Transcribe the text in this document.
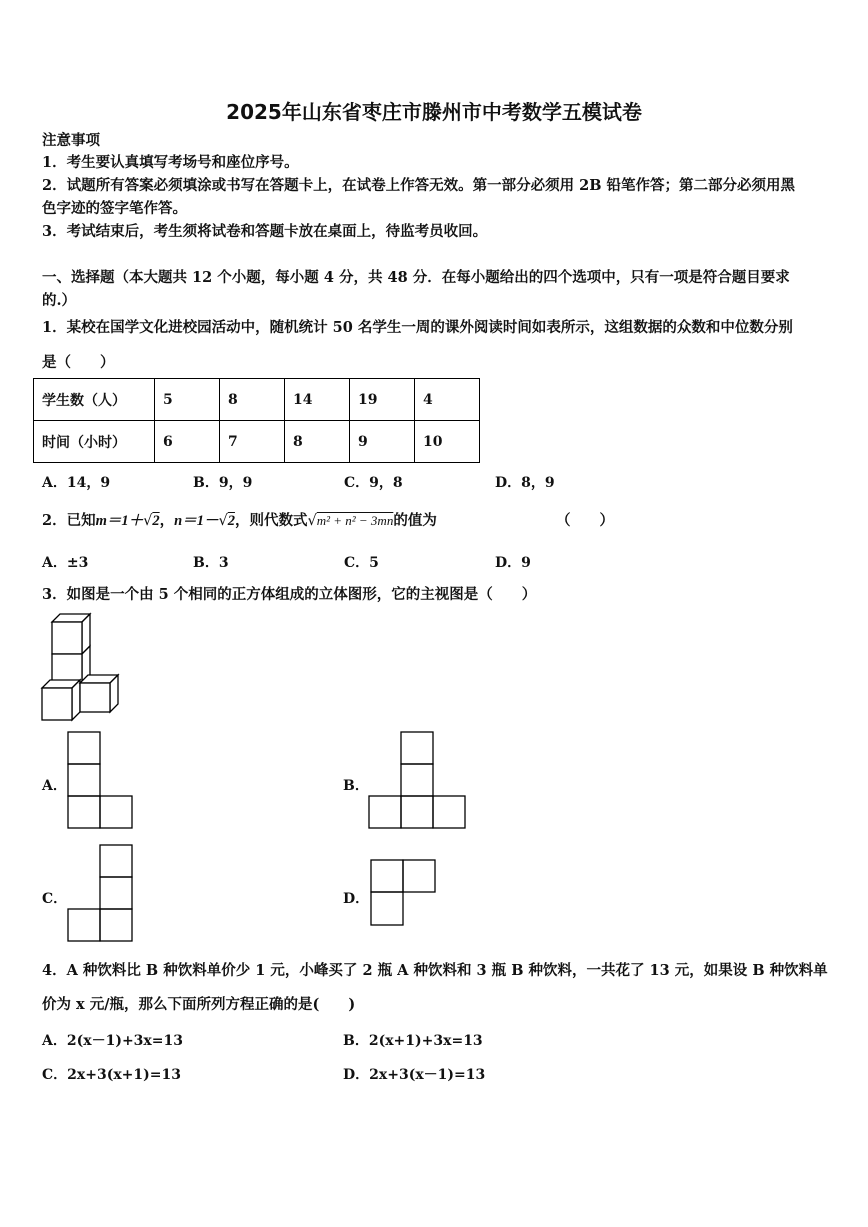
2025年山东省枣庄市滕州市中考数学五模试卷
注意事项
1．考生要认真填写考场号和座位序号。
2．试题所有答案必须填涂或书写在答题卡上，在试卷上作答无效。第一部分必须用 2B 铅笔作答；第二部分必须用黑
色字迹的签字笔作答。
3．考试结束后，考生须将试卷和答题卡放在桌面上，待监考员收回。
一、选择题（本大题共 12 个小题，每小题 4 分，共 48 分．在每小题给出的四个选项中，只有一项是符合题目要求
的.）
1．某校在国学文化进校园活动中，随机统计 50 名学生一周的课外阅读时间如表所示，这组数据的众数和中位数分别
是（　　）
学生数（人）	5	8	14	19	4
时间（小时）	6	7	8	9	10
A．14，9	B．9，9	C．9，8	D．8，9
2．已知m＝1＋√2，n＝1－√2，则代数式√m² + n² − 3mn的值为	（　　）
A．±3	B．3	C．5	D．9
3．如图是一个由 5 个相同的正方体组成的立体图形，它的主视图是（　　）
A．	B．
C．	D．
4．A 种饮料比 B 种饮料单价少 1 元，小峰买了 2 瓶 A 种饮料和 3 瓶 B 种饮料，一共花了 13 元，如果设 B 种饮料单
价为 x 元/瓶，那么下面所列方程正确的是(　　)
A．2(x－1)+3x=13	B．2(x+1)+3x=13
C．2x+3(x+1)=13	D．2x+3(x－1)=13
